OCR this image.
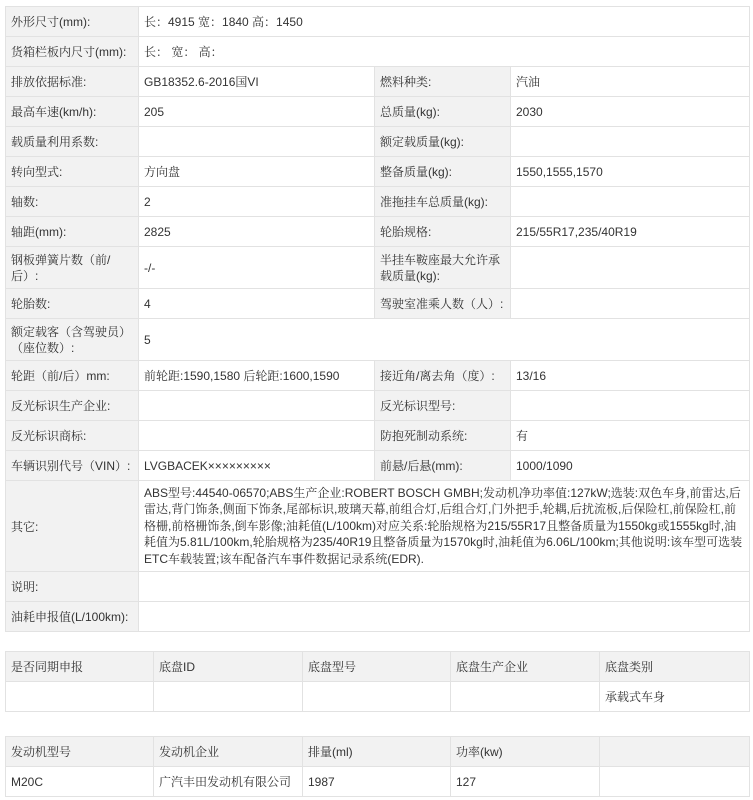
外形尺寸(mm):	长：4915 宽：1840 高：1450		
货箱栏板内尺寸(mm):	长： 宽： 高：		
排放依据标准:	GB18352.6-2016国VI	燃料种类:	汽油
最高车速(km/h):	205	总质量(kg):	2030
载质量利用系数:		额定载质量(kg):	
转向型式:	方向盘	整备质量(kg):	1550,1555,1570
轴数:	2	准拖挂车总质量(kg):	
轴距(mm):	2825	轮胎规格:	215/55R17,235/40R19
钢板弹簧片数（前/后）:	-/-	半挂车鞍座最大允许承载质量(kg):	
轮胎数:	4	驾驶室准乘人数（人）:	
额定载客（含驾驶员）（座位数）:	5		
轮距（前/后）mm:	前轮距:1590,1580 后轮距:1600,1590	接近角/离去角（度）:	13/16
反光标识生产企业:		反光标识型号:	
反光标识商标:		防抱死制动系统:	有
车辆识别代号（VIN）:	LVGBACEK×××××××××	前悬/后悬(mm):	1000/1090
其它:	ABS型号:44540-06570;ABS生产企业:ROBERT BOSCH GMBH;发动机净功率值:127kW;选装:双色车身,前雷达,后雷达,背门饰条,侧面下饰条,尾部标识,玻璃天幕,前组合灯,后组合灯,门外把手,轮耦,后扰流板,后保险杠,前保险杠,前格栅,前格栅饰条,倒车影像;油耗值(L/100km)对应关系:轮胎规格为215/55R17且整备质量为1550kg或1555kg时,油耗值为5.81L/100km,轮胎规格为235/40R19且整备质量为1570kg时,油耗值为6.06L/100km;其他说明:该车型可选装ETC车载装置;该车配备汽车事件数据记录系统(EDR).		
说明:			
油耗申报值(L/100km):			
是否同期申报	底盘ID	底盘型号	底盘生产企业	底盘类别
				承载式车身
发动机型号	发动机企业	排量(ml)	功率(kw)	

M20C	广汽丰田发动机有限公司	1987	127	
